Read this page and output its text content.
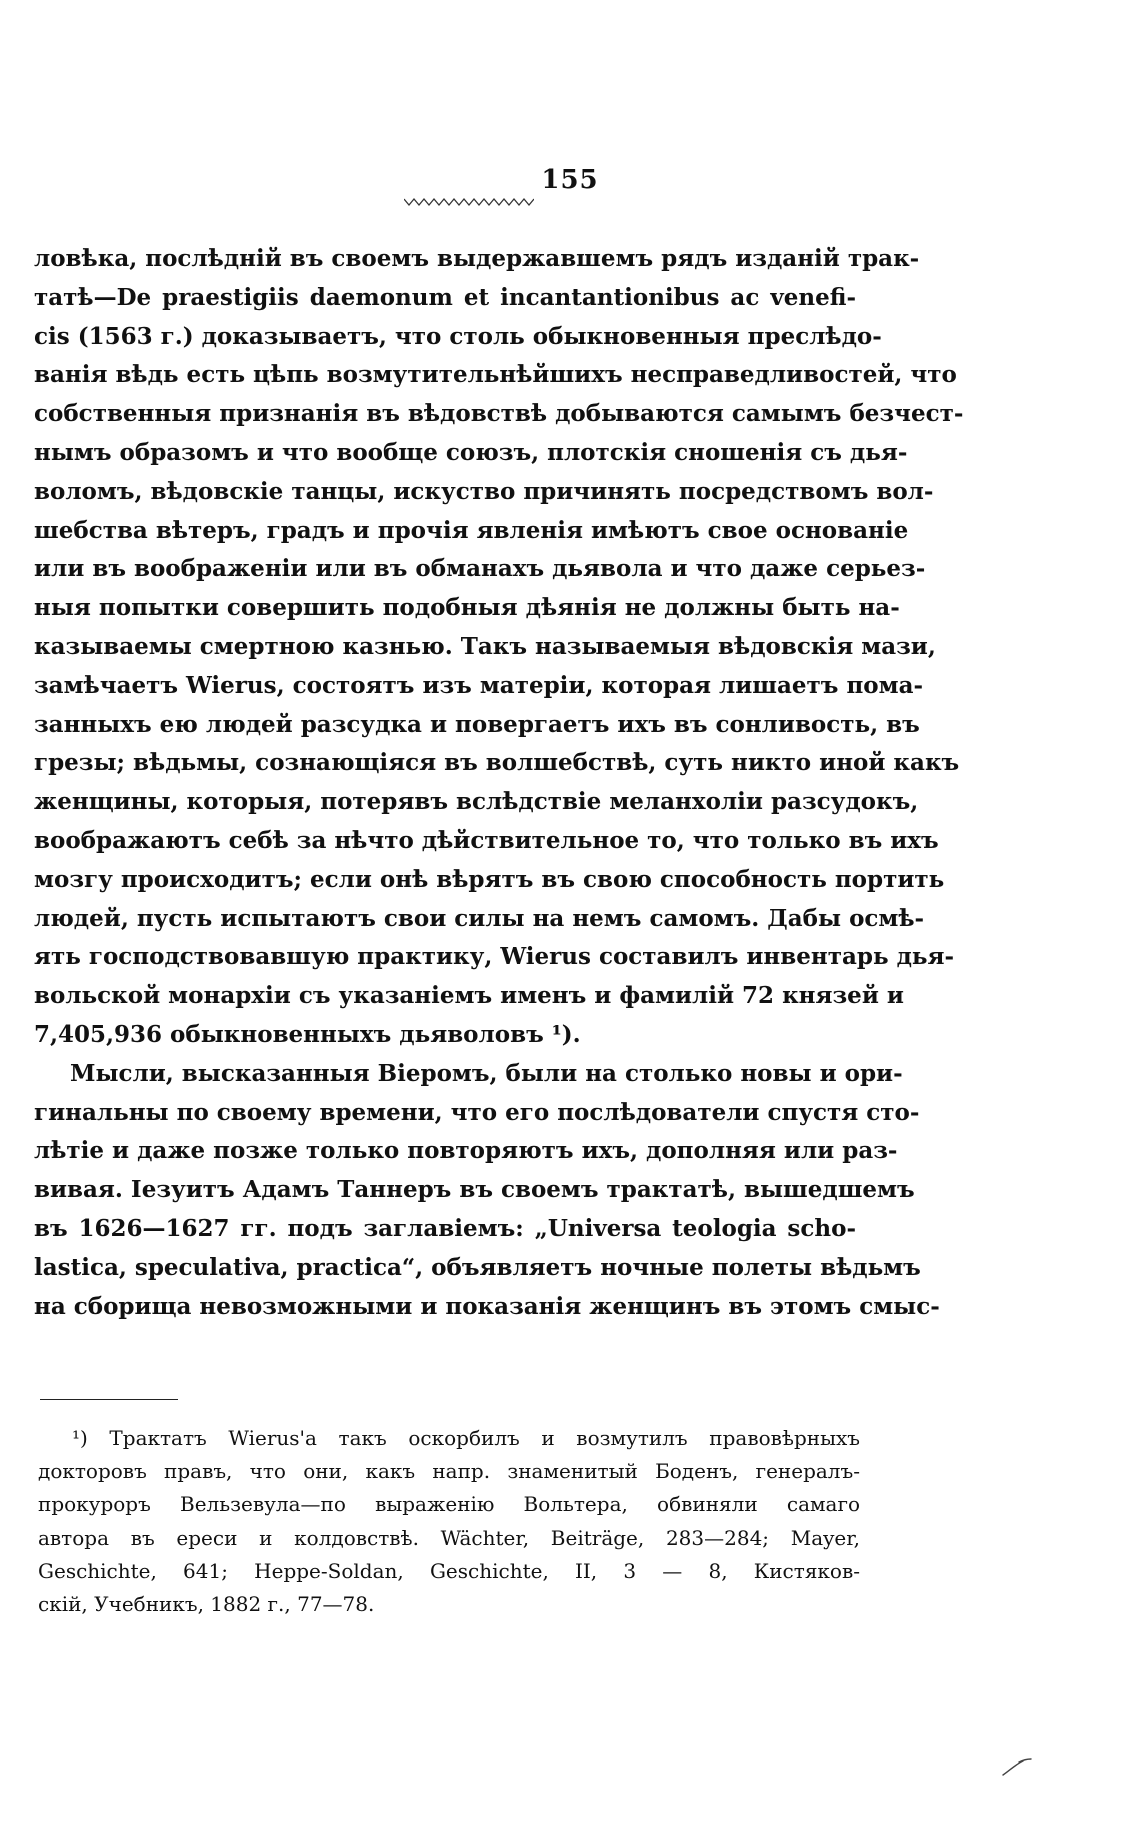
155
ловѣка, послѣдній въ своемъ выдержавшемъ рядъ изданій трак-
татѣ—De praestigiis daemonum et incantantionibus ac venefi-
cis (1563 г.) доказываетъ, что столь обыкновенныя преслѣдо-
ванія вѣдь есть цѣпь возмутительнѣйшихъ несправедливостей, что
собственныя признанія въ вѣдовствѣ добываются самымъ безчест-
нымъ образомъ и что вообще союзъ, плотскія сношенія съ дья-
воломъ, вѣдовскіе танцы, искуство причинять посредствомъ вол-
шебства вѣтеръ, градъ и прочія явленія имѣютъ свое основаніе
или въ воображеніи или въ обманахъ дьявола и что даже серьез-
ныя попытки совершить подобныя дѣянія не должны быть на-
казываемы смертною казнью. Такъ называемыя вѣдовскія мази,
замѣчаетъ Wierus, состоятъ изъ матеріи, которая лишаетъ пома-
занныхъ ею людей разсудка и повергаетъ ихъ въ сонливость, въ
грезы; вѣдьмы, сознающіяся въ волшебствѣ, суть никто иной какъ
женщины, которыя, потерявъ вслѣдствіе меланхоліи разсудокъ,
воображаютъ себѣ за нѣчто дѣйствительное то, что только въ ихъ
мозгу происходитъ; если онѣ вѣрятъ въ свою способность портить
людей, пусть испытаютъ свои силы на немъ самомъ. Дабы осмѣ-
ять господствовавшую практику, Wierus составилъ инвентарь дья-
вольской монархіи съ указаніемъ именъ и фамилій 72 князей и
7,405,936 обыкновенныхъ дьяволовъ ¹).
Мысли, высказанныя Віеромъ, были на столько новы и ори-
гинальны по своему времени, что его послѣдователи спустя сто-
лѣтіе и даже позже только повторяютъ ихъ, дополняя или раз-
вивая. Іезуитъ Адамъ Таннеръ въ своемъ трактатѣ, вышедшемъ
въ 1626—1627 гг. подъ заглавіемъ: „Universa teologia scho-
lastica, speculativa, practica“, объявляетъ ночные полеты вѣдьмъ
на сборища невозможными и показанія женщинъ въ этомъ смыс-
¹) Трактатъ Wierus'а такъ оскорбилъ и возмутилъ правовѣрныхъ
докторовъ правъ, что они, какъ напр. знаменитый Боденъ, генералъ-
прокуроръ Вельзевула—по выраженію Вольтера, обвиняли самаго
автора въ ереси и колдовствѣ. Wächter, Beiträge, 283—284; Mayer,
Geschichte, 641; Heppe-Soldan, Geschichte, II, 3 — 8, Кистяков-
скій, Учебникъ, 1882 г., 77—78.
